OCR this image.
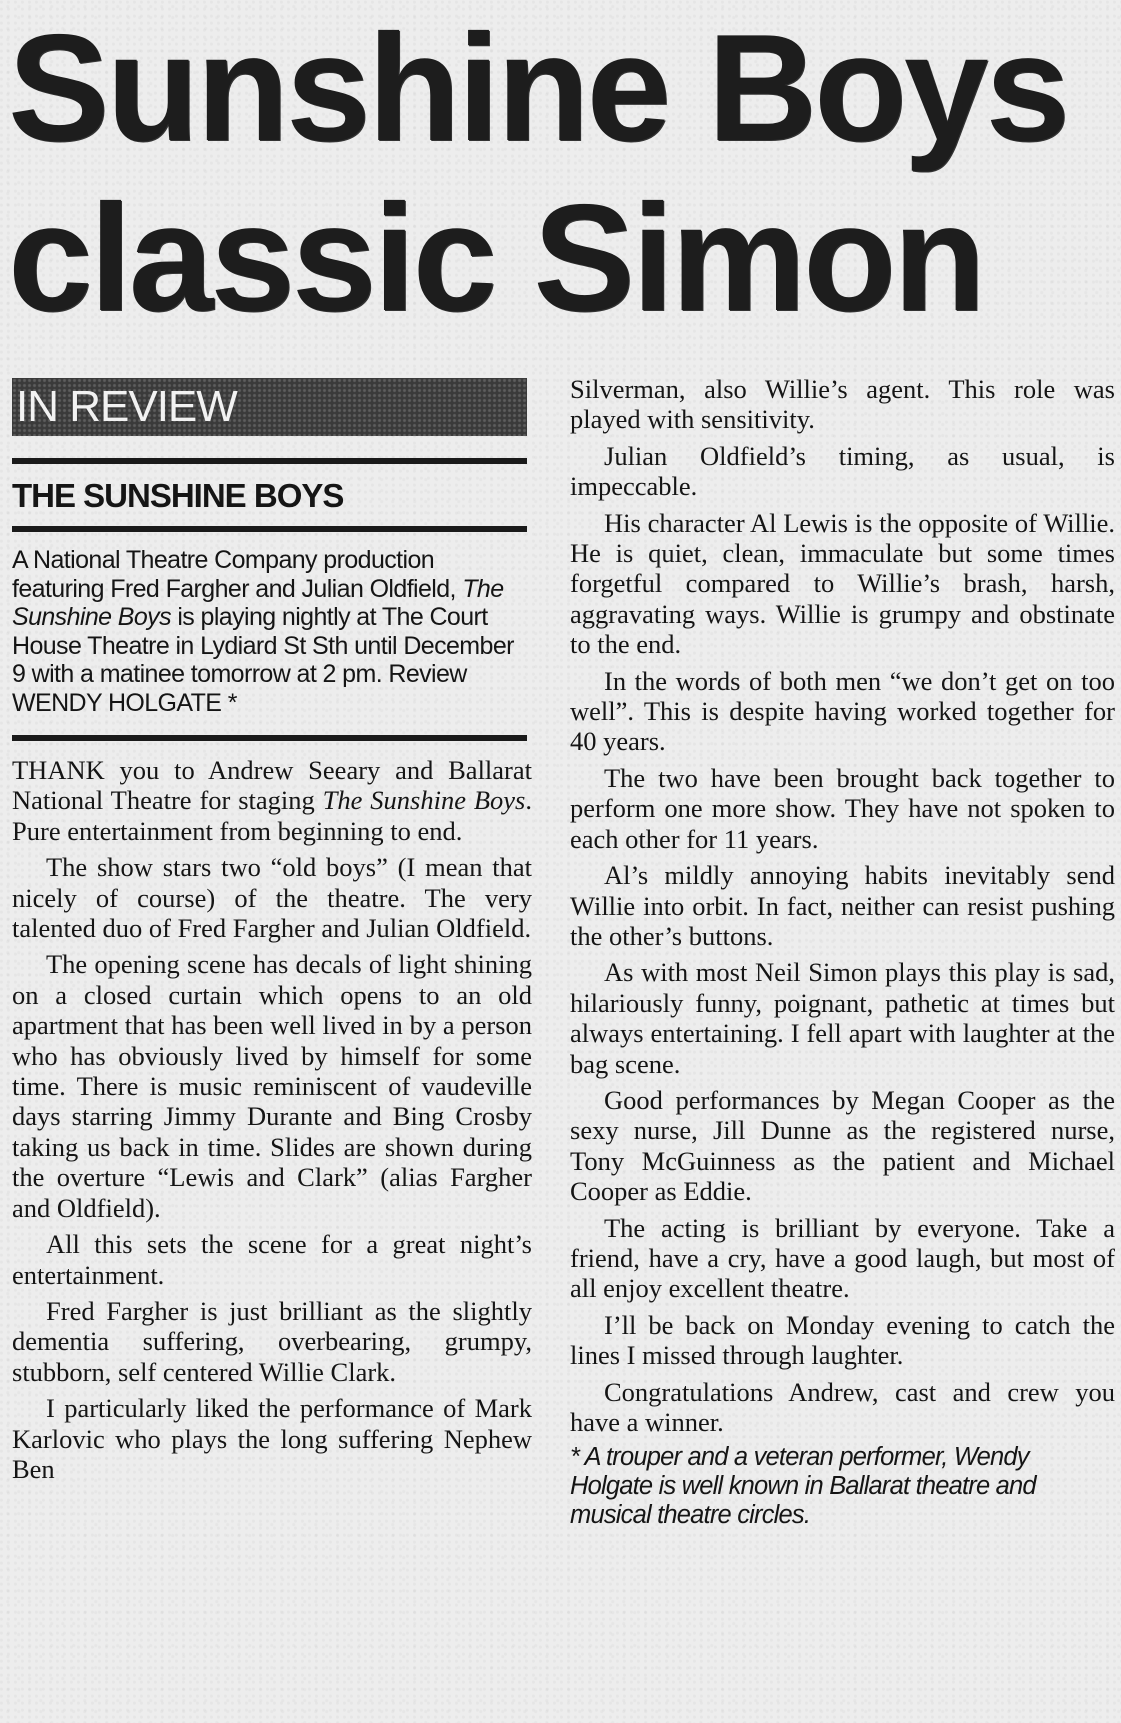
Sunshine Boys
classic Simon
IN REVIEW
THE SUNSHINE BOYS

A National Theatre Company production featuring Fred Fargher and Julian Oldfield, The Sunshine Boys is playing nightly at The Court House Theatre in Lydiard St Sth until December 9 with a matinee tomorrow at 2 pm. Review WENDY HOLGATE *

THANK you to Andrew Seeary and Ballarat National Theatre for staging The Sunshine Boys. Pure entertainment from beginning to end.

The show stars two “old boys” (I mean that nicely of course) of the theatre. The very talented duo of Fred Fargher and Julian Oldfield.

The opening scene has decals of light shining on a closed curtain which opens to an old apartment that has been well lived in by a person who has obviously lived by himself for some time. There is music reminiscent of vaudeville days starring Jimmy Durante and Bing Crosby taking us back in time. Slides are shown during the overture “Lewis and Clark” (alias Fargher and Oldfield).

All this sets the scene for a great night’s entertainment.

Fred Fargher is just brilliant as the slightly dementia suffering, overbearing, grumpy, stubborn, self centered Willie Clark.

I particularly liked the performance of Mark Karlovic who plays the long suffering Nephew Ben

Silverman, also Willie’s agent. This role was played with sensitivity.

Julian Oldfield’s timing, as usual, is impeccable.

His character Al Lewis is the opposite of Willie. He is quiet, clean, immaculate but some times forgetful compared to Willie’s brash, harsh, aggravating ways. Willie is grumpy and obstinate to the end.

In the words of both men “we don’t get on too well”. This is despite having worked together for 40 years.

The two have been brought back together to perform one more show. They have not spoken to each other for 11 years.

Al’s mildly annoying habits inevitably send Willie into orbit. In fact, neither can resist pushing the other’s buttons.

As with most Neil Simon plays this play is sad, hilariously funny, poignant, pathetic at times but always entertaining. I fell apart with laughter at the bag scene.

Good performances by Megan Cooper as the sexy nurse, Jill Dunne as the registered nurse, Tony McGuinness as the patient and Michael Cooper as Eddie.

The acting is brilliant by everyone. Take a friend, have a cry, have a good laugh, but most of all enjoy excellent theatre.

I’ll be back on Monday evening to catch the lines I missed through laughter.

Congratulations Andrew, cast and crew you have a winner.

* A trouper and a veteran performer, Wendy Holgate is well known in Ballarat theatre and musical theatre circles.
